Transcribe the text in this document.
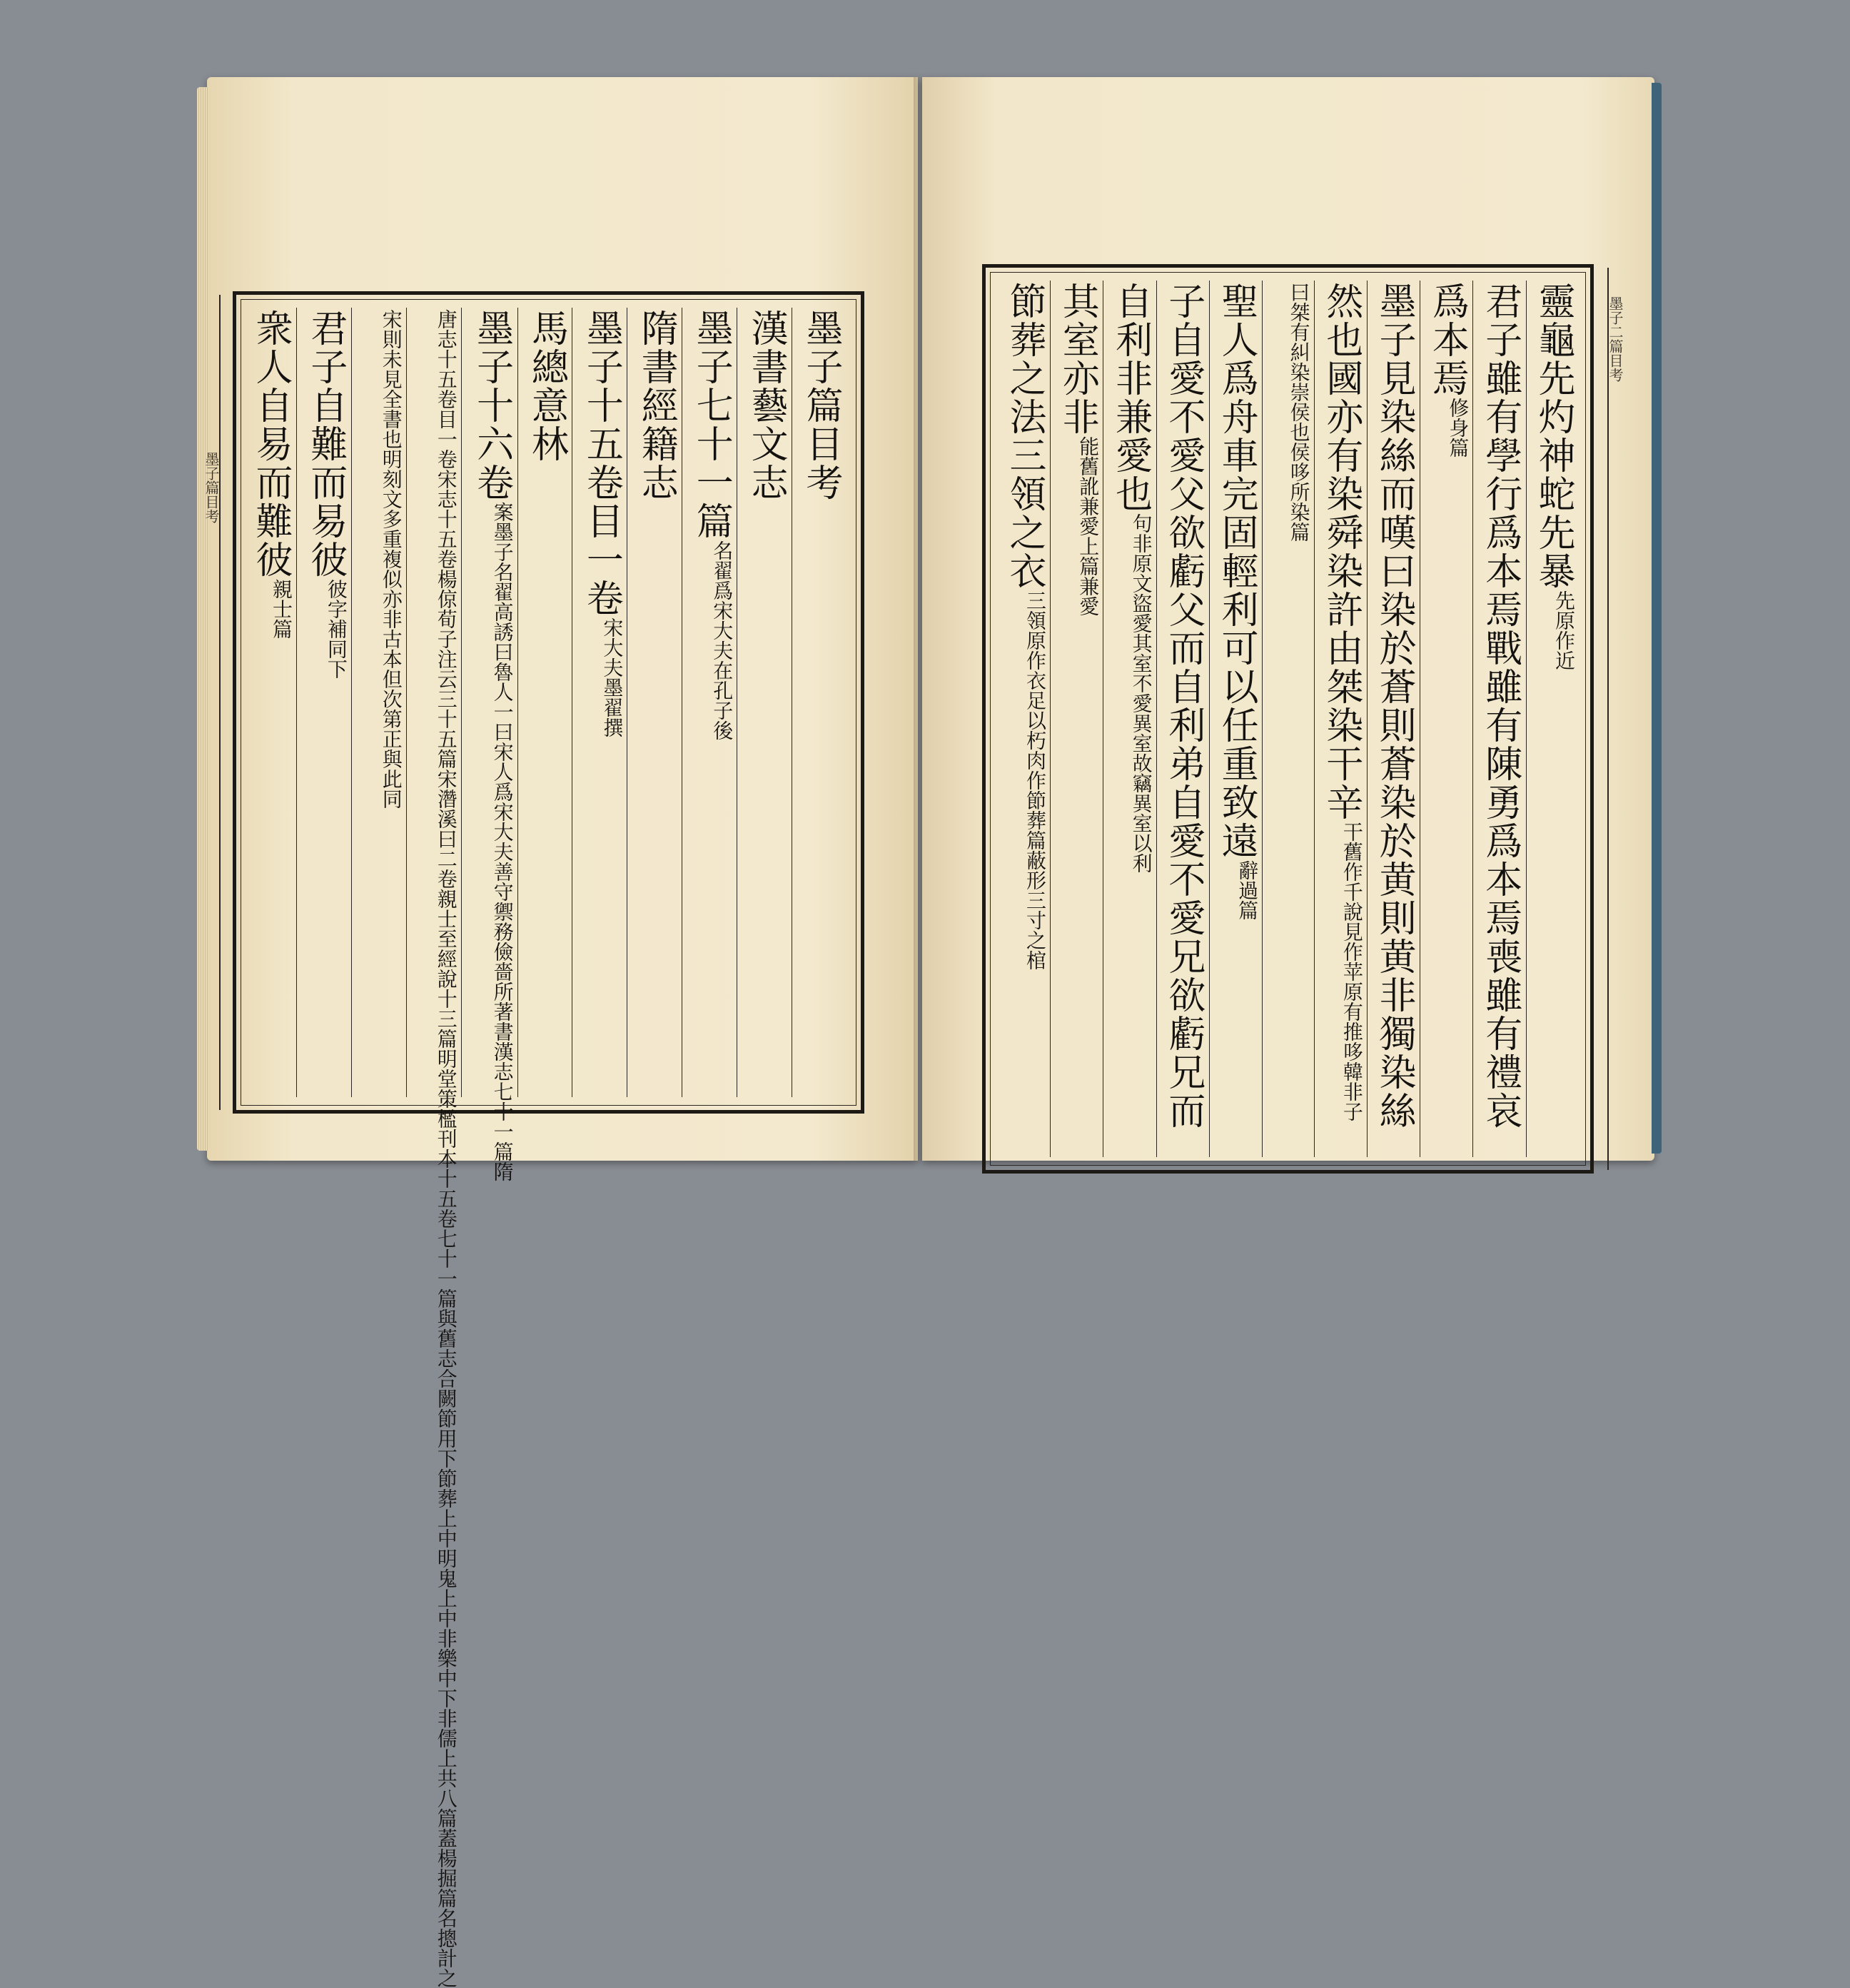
墨子篇目考	墨子篇目考
漢書藝文志
墨子七十一篇名翟爲宋大夫在孔子後
隋書經籍志
墨子十五卷目一卷宋大夫墨翟撰
馬總意林
墨子十六卷案墨子名翟高誘曰魯人一曰宋人爲宋大夫善守禦務儉嗇所著書漢志七十一篇隋
唐志十五卷目一卷宋志十五卷楊倞荀子注云三十五篇宋濳溪曰二卷親士至經說十三篇明堂策檻刊本十五卷七十一篇與舊志合闕節用下節葬上中明鬼上中非樂中下非儒上共八篇蓋楊掘篇名摠計之
宋則未見全書也明刻文多重複似亦非古本但次第正與此同
君子自難而易彼彼字補同下
衆人自易而難彼親士篇
墨子二篇目考
靈龜先灼神蛇先暴先原作近
君子雖有學行爲本焉戰雖有陳勇爲本焉喪雖有禮哀
爲本焉修身篇
墨子見染絲而嘆曰染於蒼則蒼染於黄則黄非獨染絲
然也國亦有染舜染許由桀染干辛干舊作千說見作苹原有推哆韓非子
曰桀有糾染崇侯也侯哆所染篇
聖人爲舟車完固輕利可以任重致遠辭過篇
子自愛不愛父欲虧父而自利弟自愛不愛兄欲虧兄而
自利非兼愛也句非原文盜愛其室不愛異室故竊異室以利
其室亦非能舊訛兼愛上篇兼愛
節葬之法三領之衣三領原作衣足以朽肉作節葬篇蔽形三寸之棺
